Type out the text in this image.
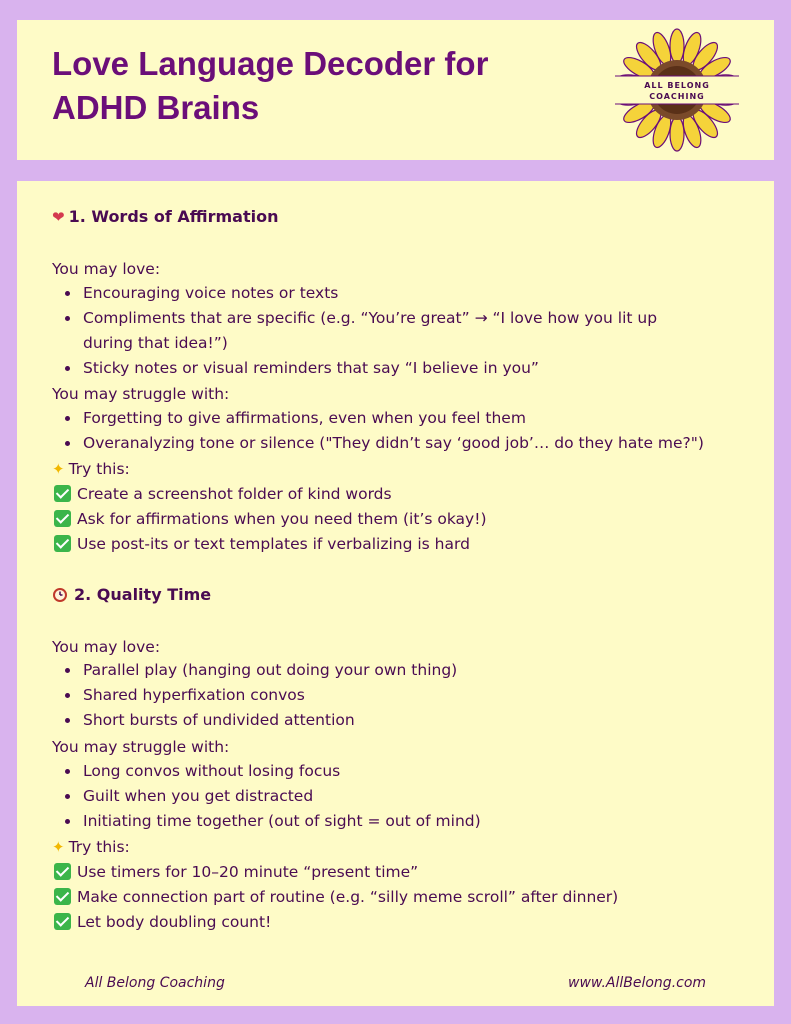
Love Language Decoder for ADHD Brains
ALL BELONG COACHING
❤ 1. Words of Affirmation
You may love:
Encouraging voice notes or texts
Compliments that are specific (e.g. “You’re great” → “I love how you lit up during that idea!”)
Sticky notes or visual reminders that say “I believe in you”
You may struggle with:
Forgetting to give affirmations, even when you feel them
Overanalyzing tone or silence ("They didn’t say ‘good job’… do they hate me?")
✦ Try this:
Create a screenshot folder of kind words
Ask for affirmations when you need them (it’s okay!)
Use post-its or text templates if verbalizing is hard
2. Quality Time
You may love:
Parallel play (hanging out doing your own thing)
Shared hyperfixation convos
Short bursts of undivided attention
You may struggle with:
Long convos without losing focus
Guilt when you get distracted
Initiating time together (out of sight = out of mind)
✦ Try this:
Use timers for 10–20 minute “present time”
Make connection part of routine (e.g. “silly meme scroll” after dinner)
Let body doubling count!
All Belong Coaching	www.AllBelong.com
